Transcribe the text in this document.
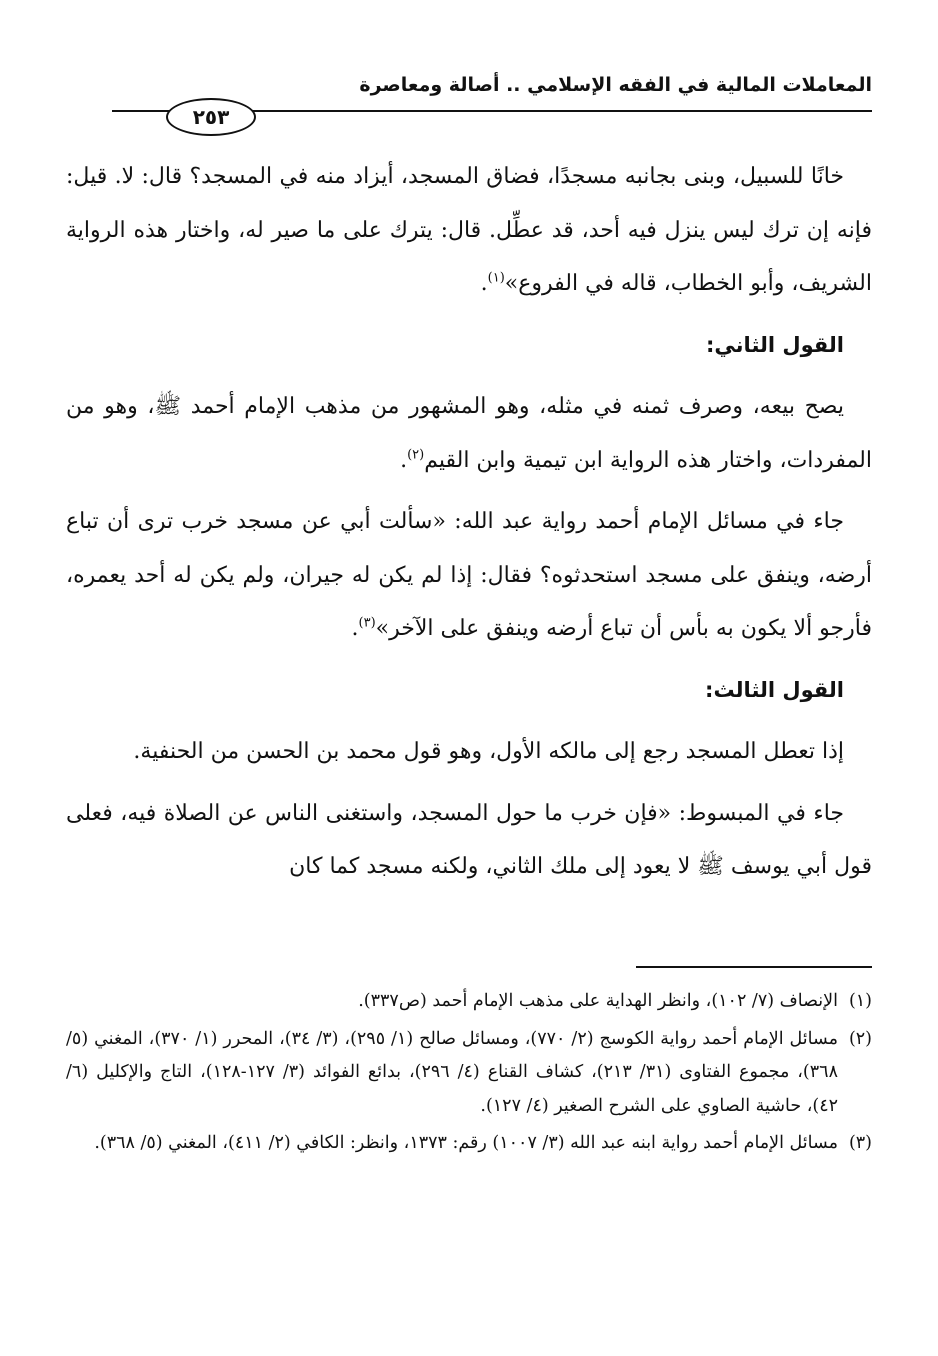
المعاملات المالية في الفقه الإسلامي .. أصالة ومعاصرة
٢٥٣

خانًا للسبيل، وبنى بجانبه مسجدًا، فضاق المسجد، أيزاد منه في المسجد؟ قال: لا. قيل: فإنه إن ترك ليس ينزل فيه أحد، قد عطِّل. قال: يترك على ما صير له، واختار هذه الرواية الشريف، وأبو الخطاب، قاله في الفروع»$^{(١)}$.

القول الثاني:

يصح بيعه، وصرف ثمنه في مثله، وهو المشهور من مذهب الإمام أحمد ﷺ، وهو من المفردات، واختار هذه الرواية ابن تيمية وابن القيم$^{(٢)}$.

جاء في مسائل الإمام أحمد رواية عبد الله: «سألت أبي عن مسجد خرب ترى أن تباع أرضه، وينفق على مسجد استحدثوه؟ فقال: إذا لم يكن له جيران، ولم يكن له أحد يعمره، فأرجو ألا يكون به بأس أن تباع أرضه وينفق على الآخر»$^{(٣)}$.

القول الثالث:

إذا تعطل المسجد رجع إلى مالكه الأول، وهو قول محمد بن الحسن من الحنفية.

جاء في المبسوط: «فإن خرب ما حول المسجد، واستغنى الناس عن الصلاة فيه، فعلى قول أبي يوسف ﷺ لا يعود إلى ملك الثاني، ولكنه مسجد كما كان

(١)
الإنصاف (٧/ ١٠٢)، وانظر الهداية على مذهب الإمام أحمد (ص٣٣٧).
(٢)
مسائل الإمام أحمد رواية الكوسج (٢/ ٧٧٠)، ومسائل صالح (١/ ٢٩٥)، (٣/ ٣٤)، المحرر (١/ ٣٧٠)، المغني (٥/ ٣٦٨)، مجموع الفتاوى (٣١/ ٢١٣)، كشاف القناع (٤/ ٢٩٦)، بدائع الفوائد (٣/ ١٢٧-١٢٨)، التاج والإكليل (٦/ ٤٢)، حاشية الصاوي على الشرح الصغير (٤/ ١٢٧).
(٣)
مسائل الإمام أحمد رواية ابنه عبد الله (٣/ ١٠٠٧) رقم: ١٣٧٣، وانظر: الكافي (٢/ ٤١١)، المغني (٥/ ٣٦٨).
